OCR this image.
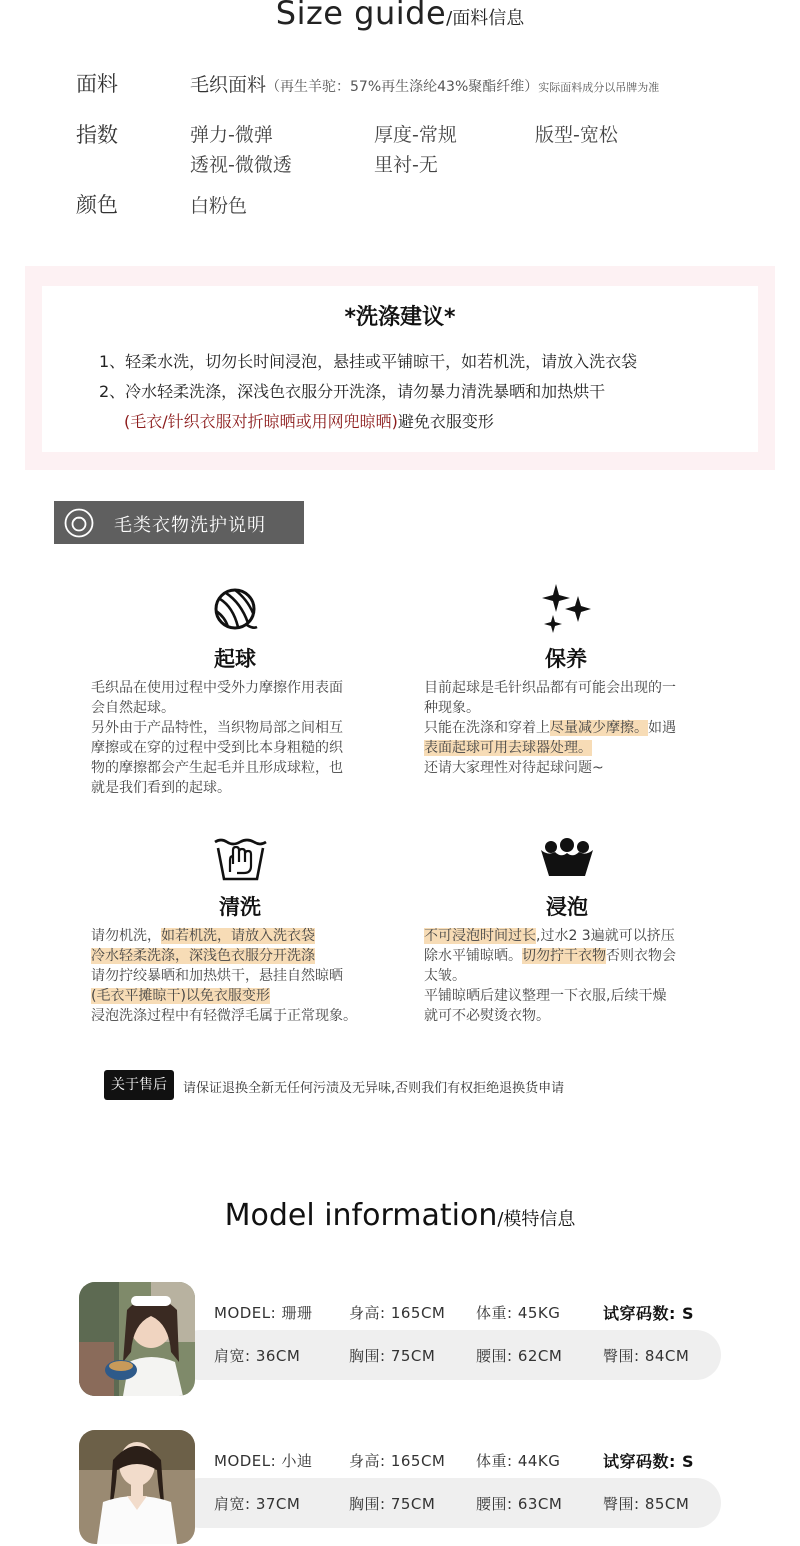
Size guide/面料信息
面料	毛织面料（再生羊驼：57%再生涤纶43%聚酯纤维）实际面料成分以吊牌为准
指数	弹力-微弹	厚度-常规	版型-宽松
透视-微微透	里衬-无
颜色	白粉色
*洗涤建议*
1、轻柔水洗，切勿长时间浸泡，悬挂或平铺晾干，如若机洗，请放入洗衣袋
2、冷水轻柔洗涤，深浅色衣服分开洗涤，请勿暴力清洗暴晒和加热烘干
(毛衣/针织衣服对折晾晒或用网兜晾晒)避免衣服变形
毛类衣物洗护说明
起球

毛织品在使用过程中受外力摩擦作用表面

会自然起球。

另外由于产品特性，当织物局部之间相互

摩擦或在穿的过程中受到比本身粗糙的织

物的摩擦都会产生起毛并且形成球粒，也

就是我们看到的起球。

保养

目前起球是毛针织品都有可能会出现的一

种现象。

只能在洗涤和穿着上尽量减少摩擦。如遇

表面起球可用去球器处理。

还请大家理性对待起球问题~

清洗

请勿机洗，如若机洗，请放入洗衣袋

冷水轻柔洗涤，深浅色衣服分开洗涤

请勿拧绞暴晒和加热烘干，悬挂自然晾晒

(毛衣平摊晾干)以免衣服变形

浸泡洗涤过程中有轻微浮毛属于正常现象。

浸泡

不可浸泡时间过长,过水2 3遍就可以挤压

除水平铺晾晒。切勿拧干衣物否则衣物会

太皱。

平铺晾晒后建议整理一下衣服,后续干燥

就可不必熨烫衣物。

关于售后	请保证退换全新无任何污渍及无异味,否则我们有权拒绝退换货申请
Model information/模特信息
MODEL: 珊珊 身高: 165CM 体重: 45KG	试穿码数: S
肩宽: 36CM	胸围: 75CM	腰围: 62CM	臀围: 84CM
MODEL: 小迪 身高: 165CM 体重: 44KG	试穿码数: S
肩宽: 37CM	胸围: 75CM	腰围: 63CM	臀围: 85CM
